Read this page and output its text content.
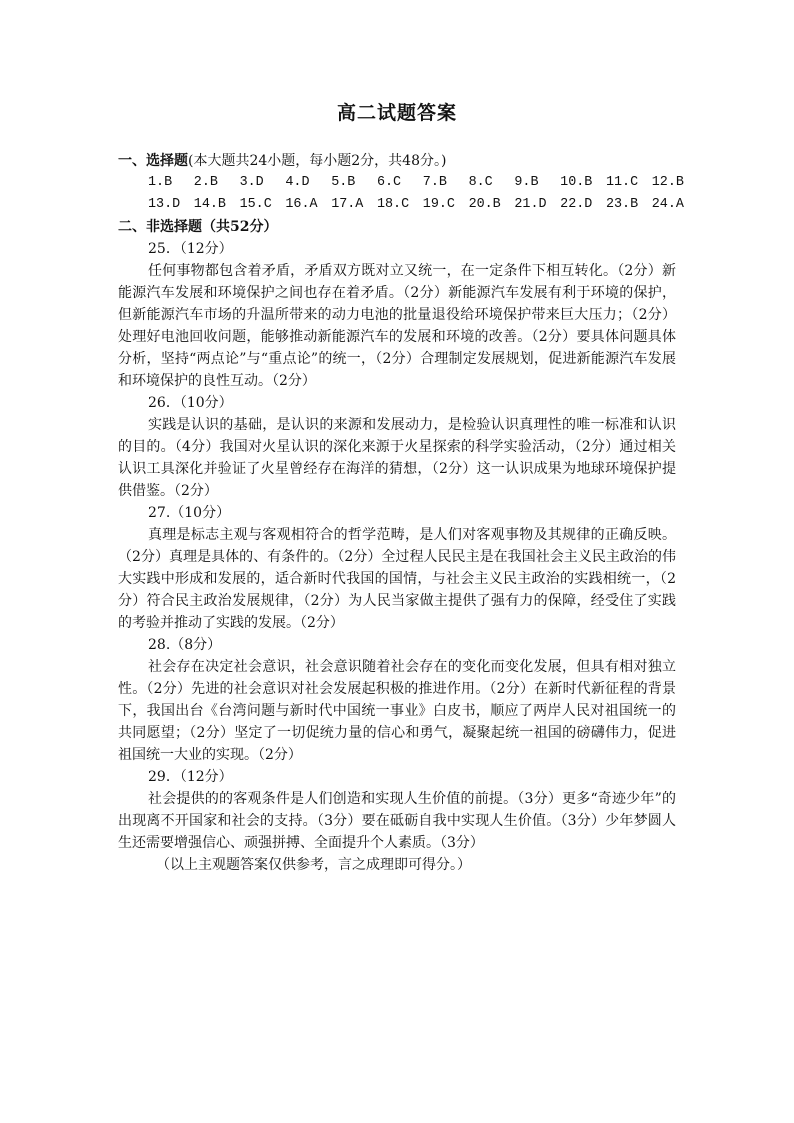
高二试题答案

一、选择题(本大题共24小题，每小题2分，共48分。)

1.B	2.B	3.D	4.D	5.B	6.C	7.B	8.C	9.B	10.B	11.C	12.B
13.D	14.B	15.C	16.A	17.A	18.C	19.C	20.B	21.D	22.D	23.B	24.A

二、非选择题（共52分）

25．（12分）

任何事物都包含着矛盾，矛盾双方既对立又统一，在一定条件下相互转化。（2分）新能源汽车发展和环境保护之间也存在着矛盾。（2分）新能源汽车发展有利于环境的保护，但新能源汽车市场的升温所带来的动力电池的批量退役给环境保护带来巨大压力；（2分）处理好电池回收问题，能够推动新能源汽车的发展和环境的改善。（2分）要具体问题具体分析，坚持“两点论”与“重点论”的统一，（2分）合理制定发展规划，促进新能源汽车发展和环境保护的良性互动。（2分）

26．（10分）

实践是认识的基础，是认识的来源和发展动力，是检验认识真理性的唯一标准和认识的目的。（4分）我国对火星认识的深化来源于火星探索的科学实验活动，（2分）通过相关认识工具深化并验证了火星曾经存在海洋的猜想，（2分）这一认识成果为地球环境保护提供借鉴。（2分）

27.（10分）

真理是标志主观与客观相符合的哲学范畴，是人们对客观事物及其规律的正确反映。（2分）真理是具体的、有条件的。（2分）全过程人民民主是在我国社会主义民主政治的伟大实践中形成和发展的，适合新时代我国的国情，与社会主义民主政治的实践相统一，（2分）符合民主政治发展规律，（2分）为人民当家做主提供了强有力的保障，经受住了实践的考验并推动了实践的发展。（2分）

28.（8分）

社会存在决定社会意识，社会意识随着社会存在的变化而变化发展，但具有相对独立性。（2分）先进的社会意识对社会发展起积极的推进作用。（2分）在新时代新征程的背景下，我国出台《台湾问题与新时代中国统一事业》白皮书，顺应了两岸人民对祖国统一的共同愿望；（2分）坚定了一切促统力量的信心和勇气，凝聚起统一祖国的磅礴伟力，促进祖国统一大业的实现。（2分）

29．（12分）

社会提供的的客观条件是人们创造和实现人生价值的前提。（3分）更多“奇迹少年”的出现离不开国家和社会的支持。（3分）要在砥砺自我中实现人生价值。（3分）少年梦圆人生还需要增强信心、顽强拼搏、全面提升个人素质。（3分）

（以上主观题答案仅供参考，言之成理即可得分。）
